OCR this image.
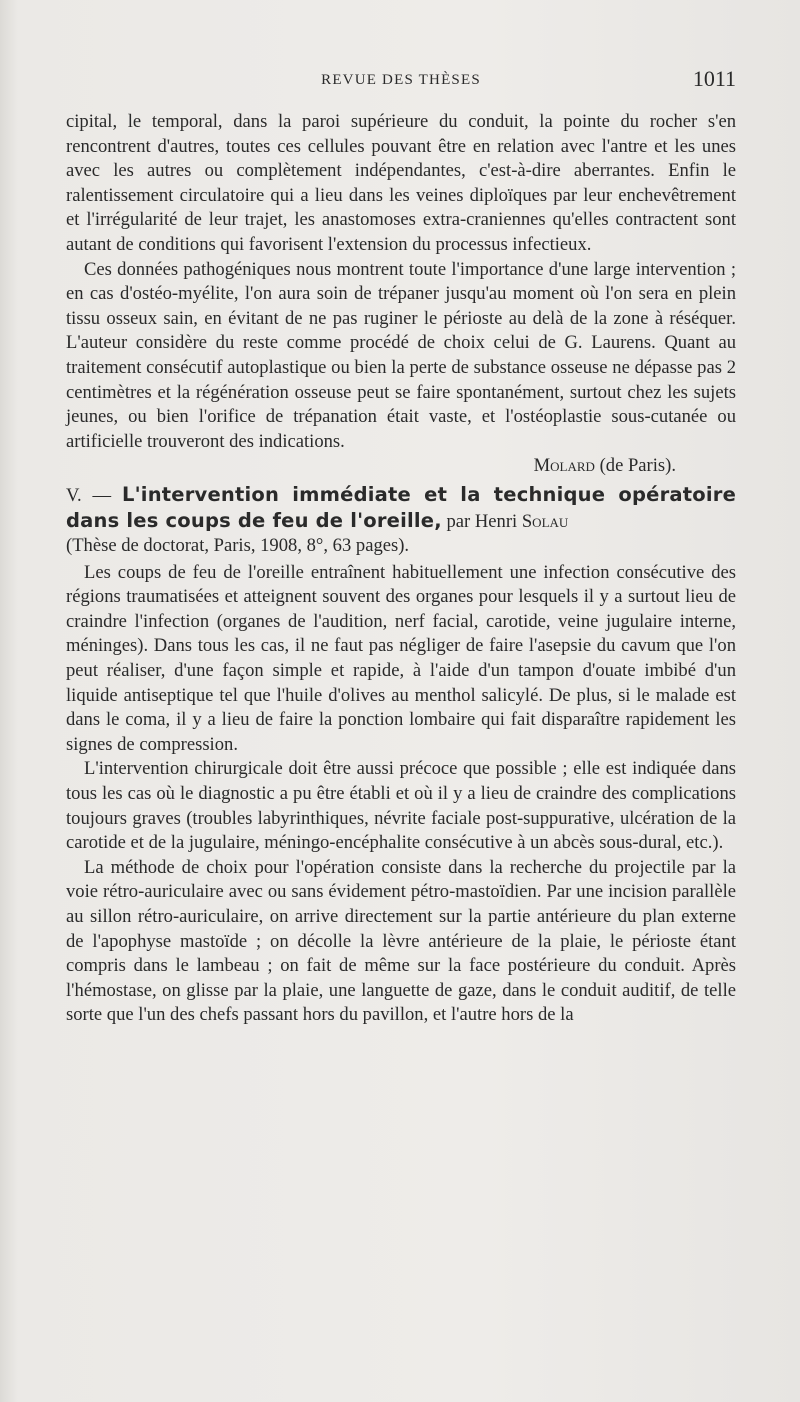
REVUE DES THÈSES	1011

cipital, le temporal, dans la paroi supérieure du conduit, la pointe du rocher s'en rencontrent d'autres, toutes ces cellules pouvant être en relation avec l'antre et les unes avec les autres ou complètement indépendantes, c'est-à-dire aberrantes. Enfin le ralentissement circulatoire qui a lieu dans les veines diploïques par leur enchevêtrement et l'irrégularité de leur trajet, les anastomoses extra-craniennes qu'elles contractent sont autant de conditions qui favorisent l'extension du processus infectieux.

Ces données pathogéniques nous montrent toute l'importance d'une large intervention ; en cas d'ostéo-myélite, l'on aura soin de trépaner jusqu'au moment où l'on sera en plein tissu osseux sain, en évitant de ne pas ruginer le périoste au delà de la zone à réséquer. L'auteur considère du reste comme procédé de choix celui de G. Laurens. Quant au traitement consécutif autoplastique ou bien la perte de substance osseuse ne dépasse pas 2 centimètres et la régénération osseuse peut se faire spontanément, surtout chez les sujets jeunes, ou bien l'orifice de trépanation était vaste, et l'ostéoplastie sous-cutanée ou artificielle trouveront des indications.

Molard (de Paris).

V. — L'intervention immédiate et la technique opératoire dans les coups de feu de l'oreille, par Henri Solau
(Thèse de doctorat, Paris, 1908, 8°, 63 pages).

Les coups de feu de l'oreille entraînent habituellement une infection consécutive des régions traumatisées et atteignent souvent des organes pour lesquels il y a surtout lieu de craindre l'infection (organes de l'audition, nerf facial, carotide, veine jugulaire interne, méninges). Dans tous les cas, il ne faut pas négliger de faire l'asepsie du cavum que l'on peut réaliser, d'une façon simple et rapide, à l'aide d'un tampon d'ouate imbibé d'un liquide antiseptique tel que l'huile d'olives au menthol salicylé. De plus, si le malade est dans le coma, il y a lieu de faire la ponction lombaire qui fait disparaître rapidement les signes de compression.

L'intervention chirurgicale doit être aussi précoce que possible ; elle est indiquée dans tous les cas où le diagnostic a pu être établi et où il y a lieu de craindre des complications toujours graves (troubles labyrinthiques, névrite faciale post-suppurative, ulcération de la carotide et de la jugulaire, méningo-encéphalite consécutive à un abcès sous-dural, etc.).

La méthode de choix pour l'opération consiste dans la recherche du projectile par la voie rétro-auriculaire avec ou sans évidement pétro-mastoïdien. Par une incision parallèle au sillon rétro-auriculaire, on arrive directement sur la partie antérieure du plan externe de l'apophyse mastoïde ; on décolle la lèvre antérieure de la plaie, le périoste étant compris dans le lambeau ; on fait de même sur la face postérieure du conduit. Après l'hémostase, on glisse par la plaie, une languette de gaze, dans le conduit auditif, de telle sorte que l'un des chefs passant hors du pavillon, et l'autre hors de la
